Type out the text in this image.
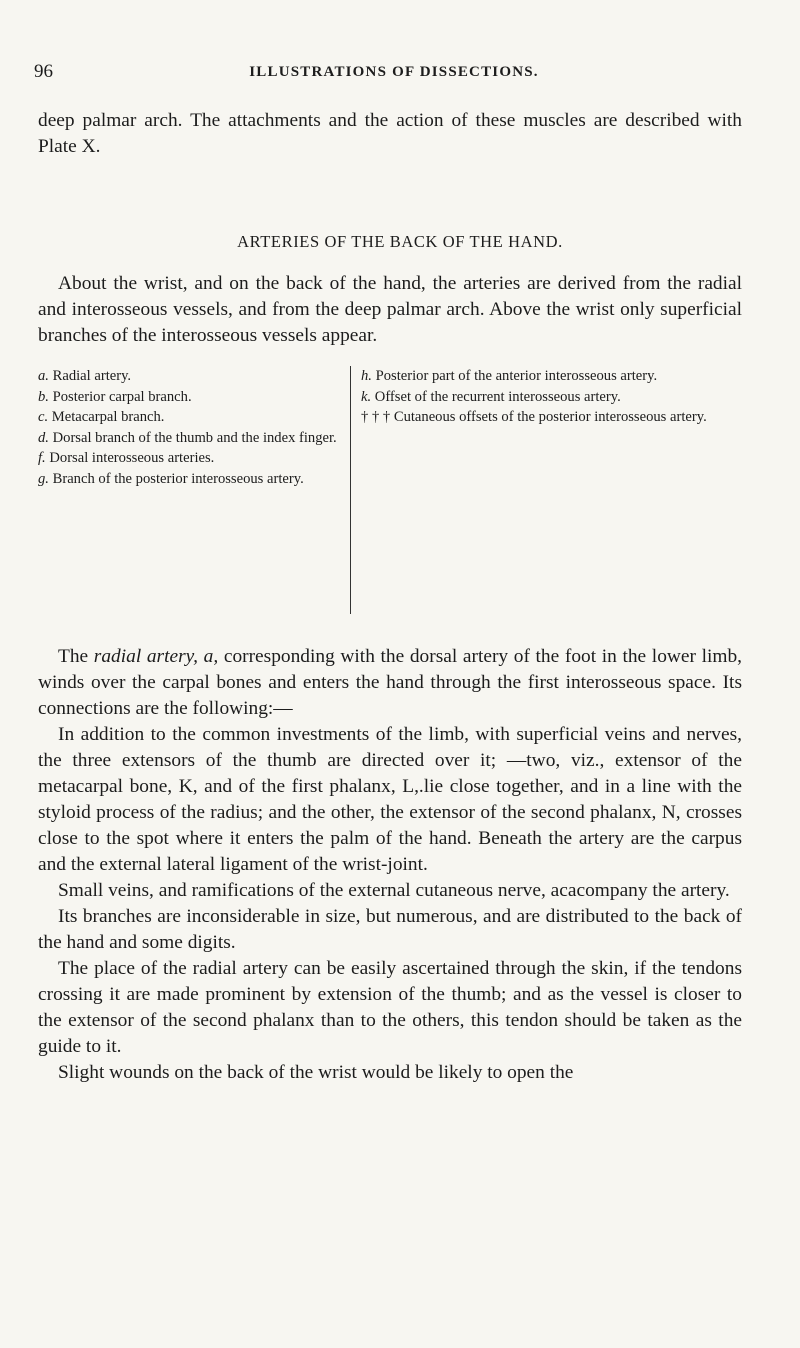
96	ILLUSTRATIONS OF DISSECTIONS.

deep palmar arch. The attachments and the action of these muscles are described with Plate X.

ARTERIES OF THE BACK OF THE HAND.

About the wrist, and on the back of the hand, the arteries are derived from the radial and interosseous vessels, and from the deep palmar arch. Above the wrist only superficial branches of the interosseous vessels appear.

a. Radial artery.
b. Posterior carpal branch.
c. Metacarpal branch.
d. Dorsal branch of the thumb and the index finger.
f. Dorsal interosseous arteries.
g. Branch of the posterior interosseous artery.
h. Posterior part of the anterior interosseous artery.
k. Offset of the recurrent interosseous artery.
† † † Cutaneous offsets of the posterior interosseous artery.

The radial artery, a, corresponding with the dorsal artery of the foot in the lower limb, winds over the carpal bones and enters the hand through the first interosseous space. Its connections are the following:—

In addition to the common investments of the limb, with superficial veins and nerves, the three extensors of the thumb are directed over it; —two, viz., extensor of the metacarpal bone, K, and of the first phalanx, L,.lie close together, and in a line with the styloid process of the radius; and the other, the extensor of the second phalanx, N, crosses close to the spot where it enters the palm of the hand. Beneath the artery are the carpus and the external lateral ligament of the wrist-joint.

Small veins, and ramifications of the external cutaneous nerve, acacompany the artery.

Its branches are inconsiderable in size, but numerous, and are distributed to the back of the hand and some digits.

The place of the radial artery can be easily ascertained through the skin, if the tendons crossing it are made prominent by extension of the thumb; and as the vessel is closer to the extensor of the second phalanx than to the others, this tendon should be taken as the guide to it.

Slight wounds on the back of the wrist would be likely to open the
